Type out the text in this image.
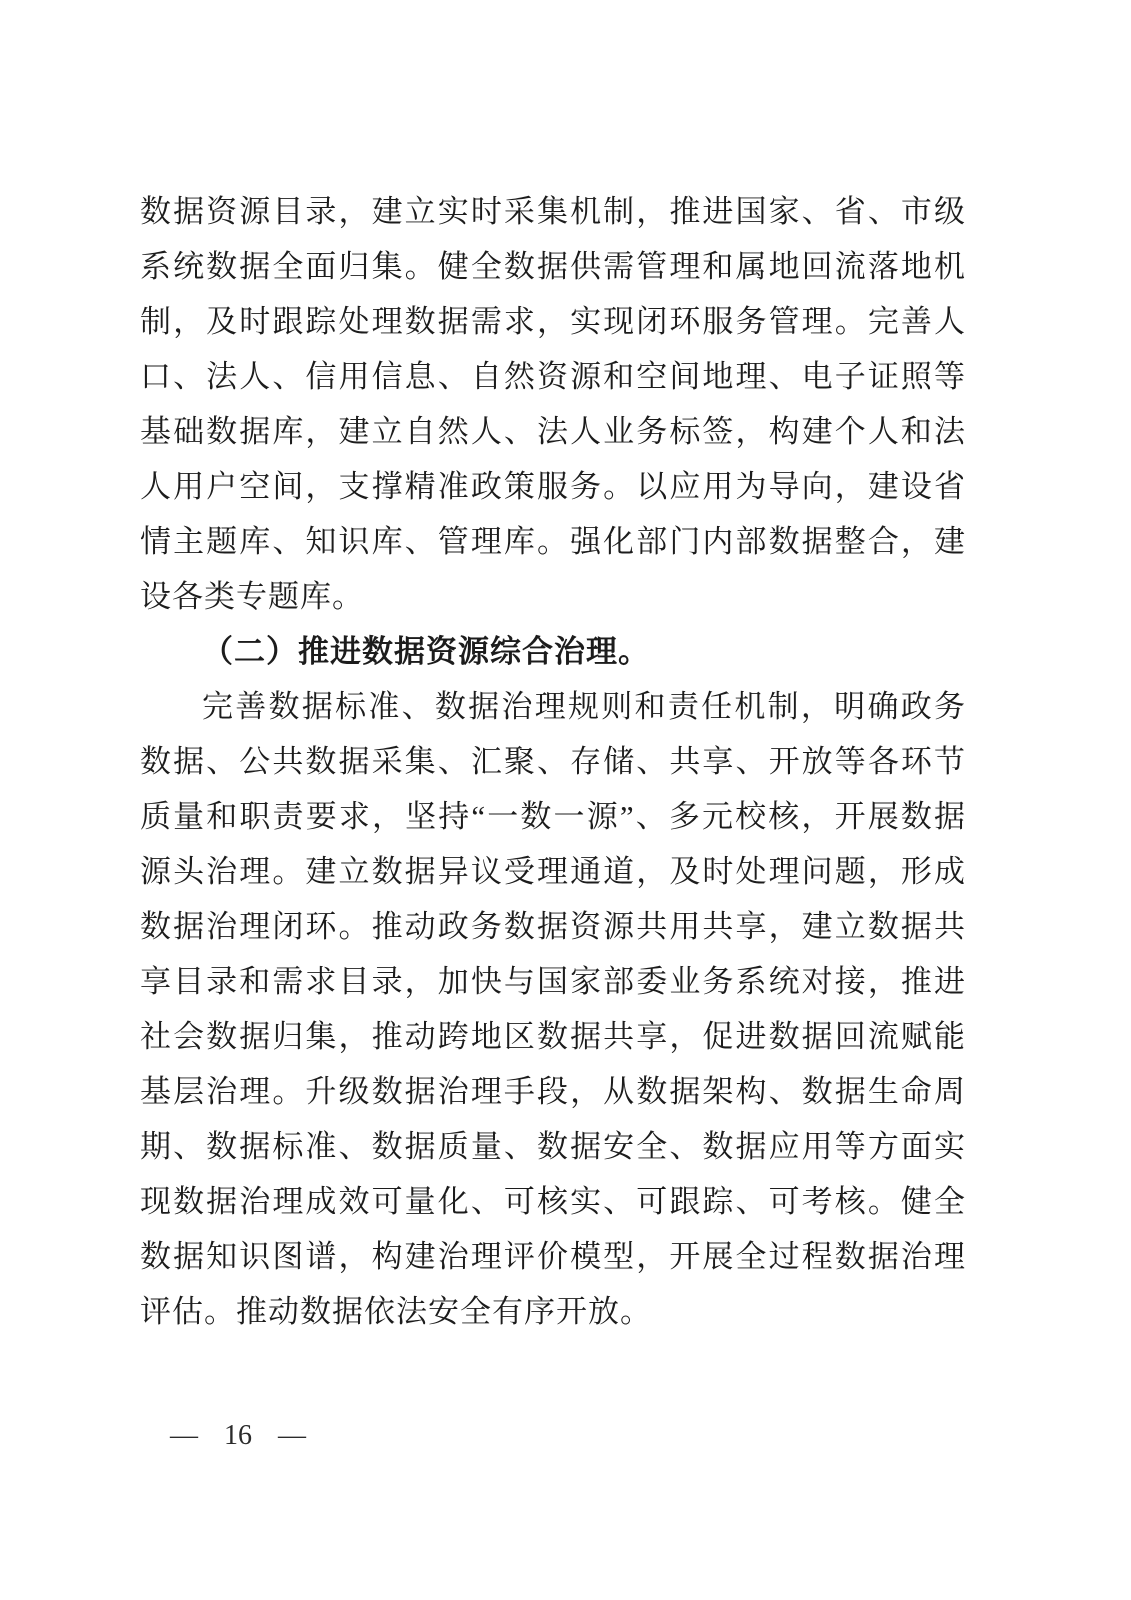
数据资源目录，建立实时采集机制，推进国家、省、市级系统数据全面归集。健全数据供需管理和属地回流落地机制，及时跟踪处理数据需求，实现闭环服务管理。完善人口、法人、信用信息、自然资源和空间地理、电子证照等基础数据库，建立自然人、法人业务标签，构建个人和法人用户空间，支撑精准政策服务。以应用为导向，建设省情主题库、知识库、管理库。强化部门内部数据整合，建设各类专题库。

（二）推进数据资源综合治理。

完善数据标准、数据治理规则和责任机制，明确政务数据、公共数据采集、汇聚、存储、共享、开放等各环节质量和职责要求，坚持“一数一源”、多元校核，开展数据源头治理。建立数据异议受理通道，及时处理问题，形成数据治理闭环。推动政务数据资源共用共享，建立数据共享目录和需求目录，加快与国家部委业务系统对接，推进社会数据归集，推动跨地区数据共享，促进数据回流赋能基层治理。升级数据治理手段，从数据架构、数据生命周期、数据标准、数据质量、数据安全、数据应用等方面实现数据治理成效可量化、可核实、可跟踪、可考核。健全数据知识图谱，构建治理评价模型，开展全过程数据治理评估。推动数据依法安全有序开放。

— 16 —
